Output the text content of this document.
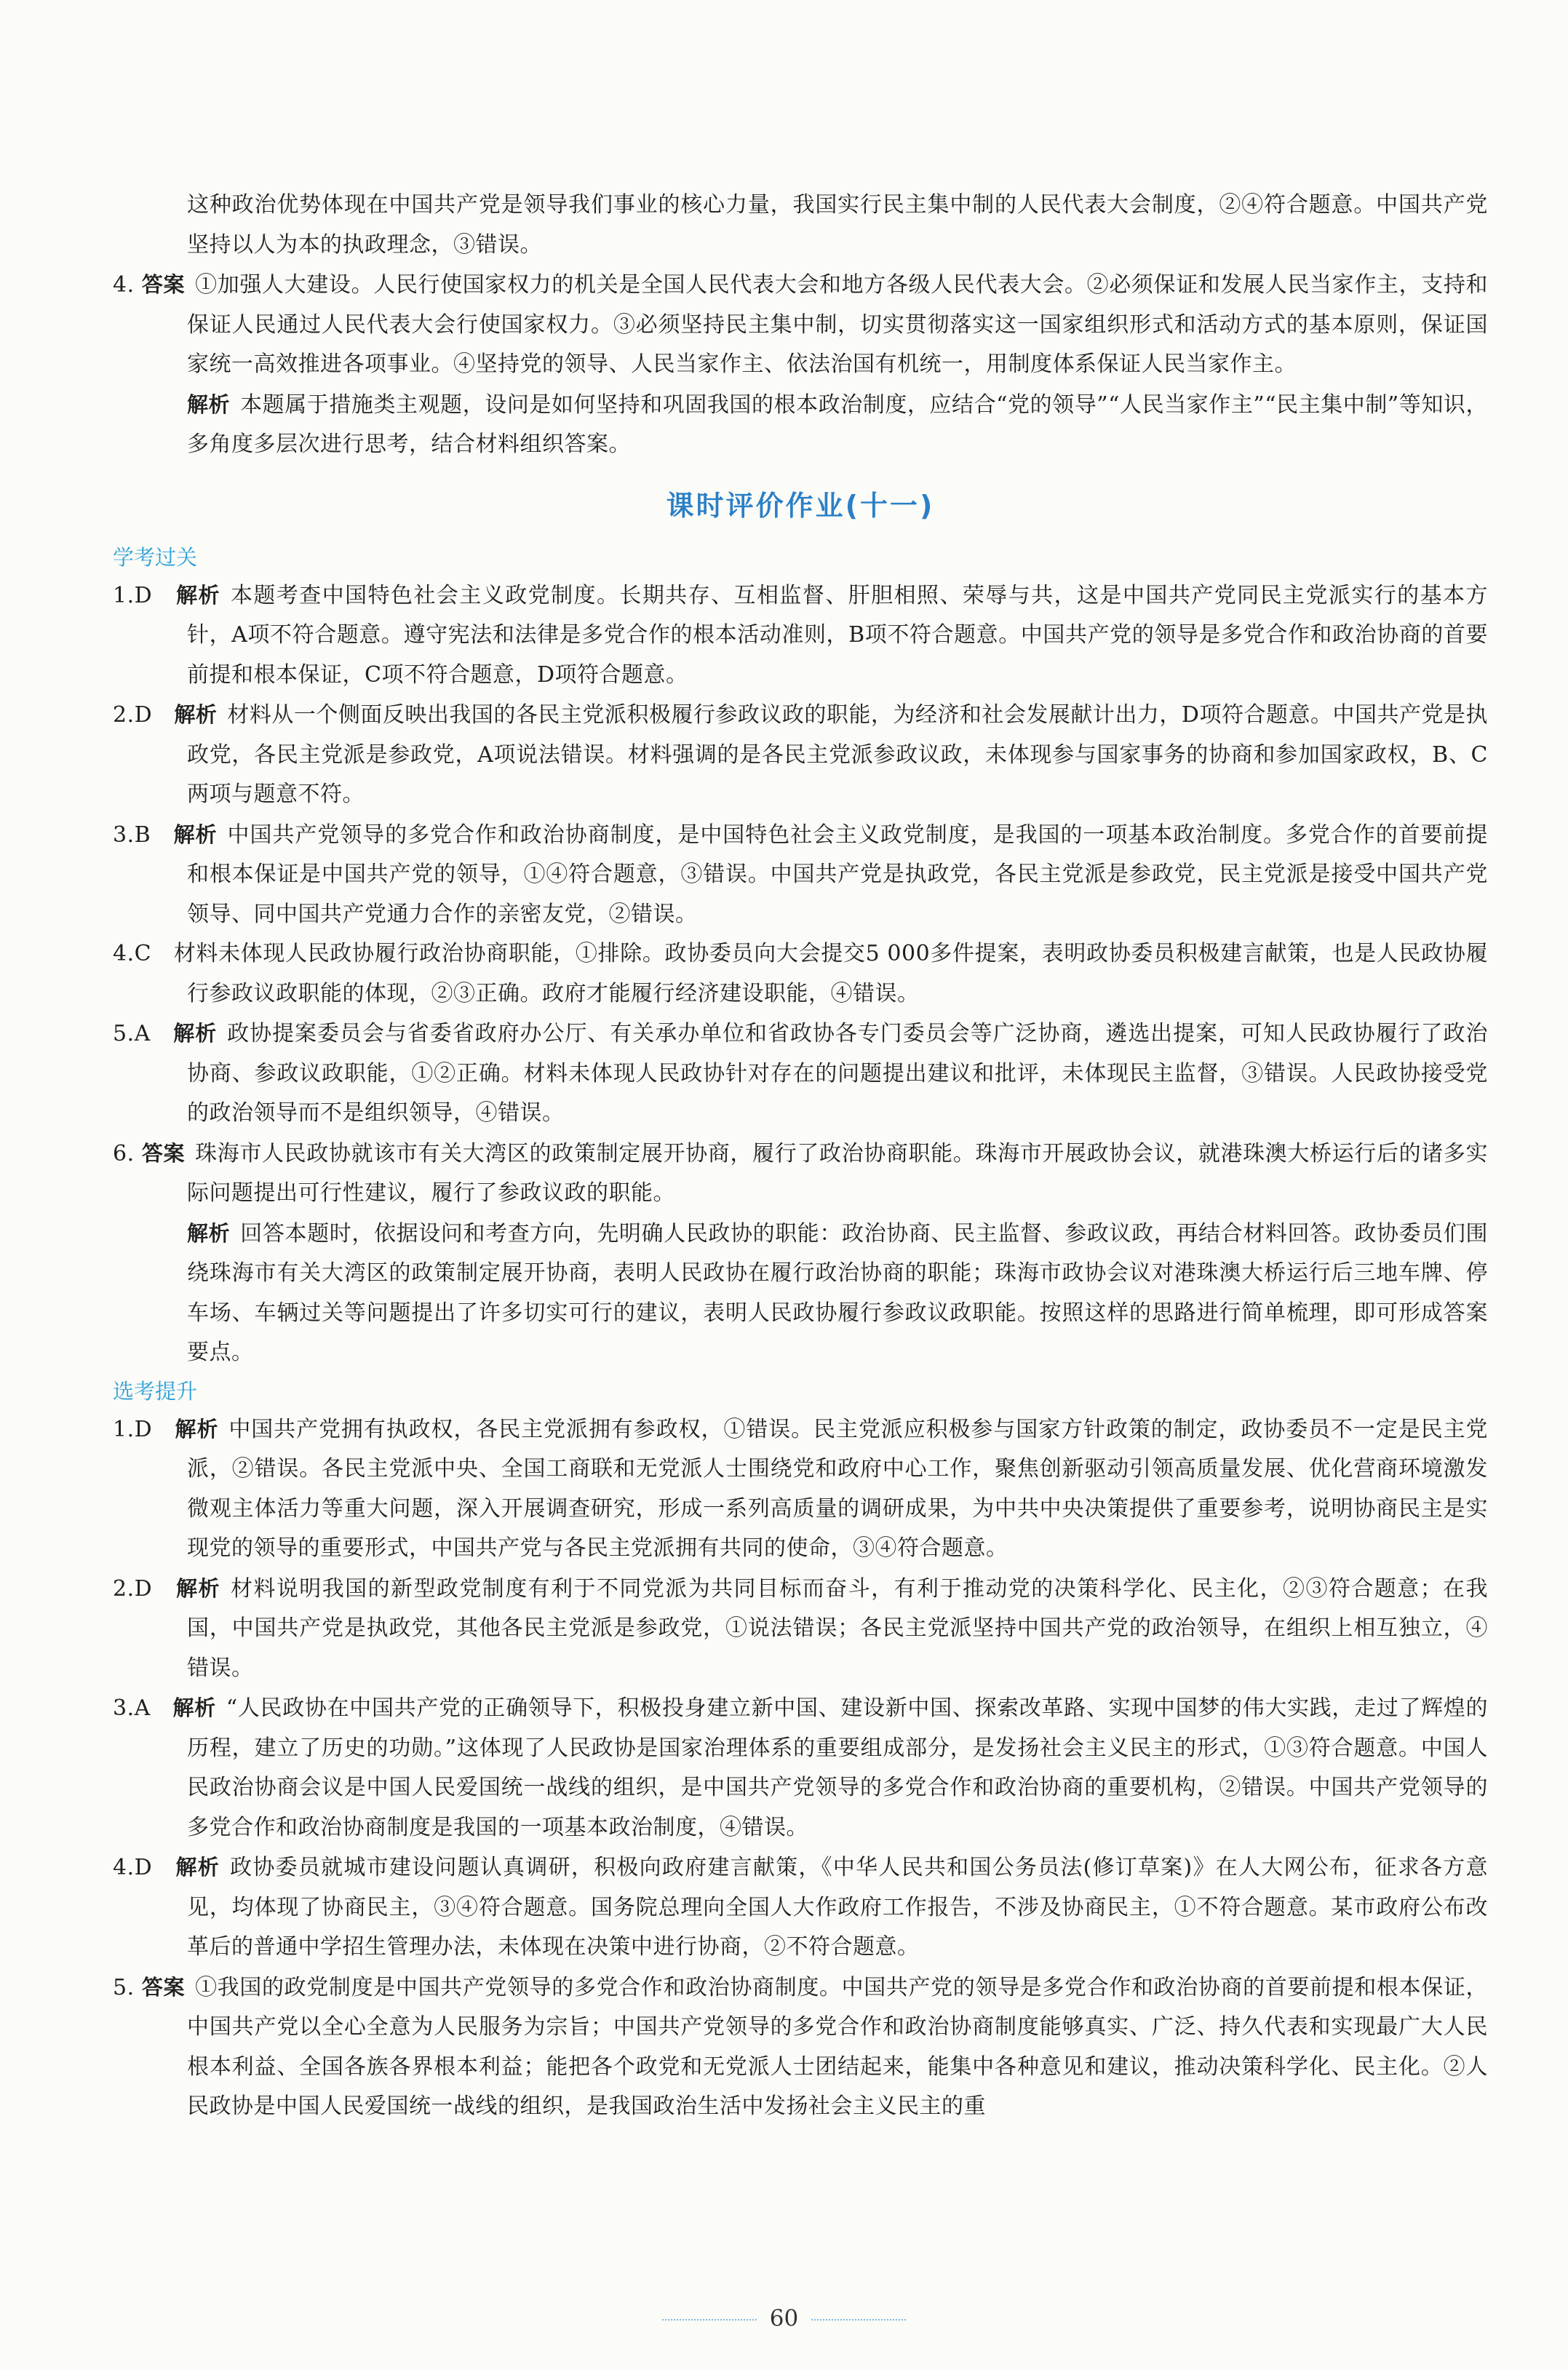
这种政治优势体现在中国共产党是领导我们事业的核心力量，我国实行民主集中制的人民代表大会制度，②④符合题意。中国共产党坚持以人为本的执政理念，③错误。

4. 答案 ①加强人大建设。人民行使国家权力的机关是全国人民代表大会和地方各级人民代表大会。②必须保证和发展人民当家作主，支持和保证人民通过人民代表大会行使国家权力。③必须坚持民主集中制，切实贯彻落实这一国家组织形式和活动方式的基本原则，保证国家统一高效推进各项事业。④坚持党的领导、人民当家作主、依法治国有机统一，用制度体系保证人民当家作主。

解析 本题属于措施类主观题，设问是如何坚持和巩固我国的根本政治制度，应结合“党的领导”“人民当家作主”“民主集中制”等知识，多角度多层次进行思考，结合材料组织答案。

课时评价作业(十一)

学考过关

1.D 解析 本题考查中国特色社会主义政党制度。长期共存、互相监督、肝胆相照、荣辱与共，这是中国共产党同民主党派实行的基本方针，A项不符合题意。遵守宪法和法律是多党合作的根本活动准则，B项不符合题意。中国共产党的领导是多党合作和政治协商的首要前提和根本保证，C项不符合题意，D项符合题意。

2.D 解析 材料从一个侧面反映出我国的各民主党派积极履行参政议政的职能，为经济和社会发展献计出力，D项符合题意。中国共产党是执政党，各民主党派是参政党，A项说法错误。材料强调的是各民主党派参政议政，未体现参与国家事务的协商和参加国家政权，B、C两项与题意不符。

3.B 解析 中国共产党领导的多党合作和政治协商制度，是中国特色社会主义政党制度，是我国的一项基本政治制度。多党合作的首要前提和根本保证是中国共产党的领导，①④符合题意，③错误。中国共产党是执政党，各民主党派是参政党，民主党派是接受中国共产党领导、同中国共产党通力合作的亲密友党，②错误。

4.C 材料未体现人民政协履行政治协商职能，①排除。政协委员向大会提交5 000多件提案，表明政协委员积极建言献策，也是人民政协履行参政议政职能的体现，②③正确。政府才能履行经济建设职能，④错误。

5.A 解析 政协提案委员会与省委省政府办公厅、有关承办单位和省政协各专门委员会等广泛协商，遴选出提案，可知人民政协履行了政治协商、参政议政职能，①②正确。材料未体现人民政协针对存在的问题提出建议和批评，未体现民主监督，③错误。人民政协接受党的政治领导而不是组织领导，④错误。

6. 答案 珠海市人民政协就该市有关大湾区的政策制定展开协商，履行了政治协商职能。珠海市开展政协会议，就港珠澳大桥运行后的诸多实际问题提出可行性建议，履行了参政议政的职能。

解析 回答本题时，依据设问和考查方向，先明确人民政协的职能：政治协商、民主监督、参政议政，再结合材料回答。政协委员们围绕珠海市有关大湾区的政策制定展开协商，表明人民政协在履行政治协商的职能；珠海市政协会议对港珠澳大桥运行后三地车牌、停车场、车辆过关等问题提出了许多切实可行的建议，表明人民政协履行参政议政职能。按照这样的思路进行简单梳理，即可形成答案要点。

选考提升

1.D 解析 中国共产党拥有执政权，各民主党派拥有参政权，①错误。民主党派应积极参与国家方针政策的制定，政协委员不一定是民主党派，②错误。各民主党派中央、全国工商联和无党派人士围绕党和政府中心工作，聚焦创新驱动引领高质量发展、优化营商环境激发微观主体活力等重大问题，深入开展调查研究，形成一系列高质量的调研成果，为中共中央决策提供了重要参考，说明协商民主是实现党的领导的重要形式，中国共产党与各民主党派拥有共同的使命，③④符合题意。

2.D 解析 材料说明我国的新型政党制度有利于不同党派为共同目标而奋斗，有利于推动党的决策科学化、民主化，②③符合题意；在我国，中国共产党是执政党，其他各民主党派是参政党，①说法错误；各民主党派坚持中国共产党的政治领导，在组织上相互独立，④错误。

3.A 解析 “人民政协在中国共产党的正确领导下，积极投身建立新中国、建设新中国、探索改革路、实现中国梦的伟大实践，走过了辉煌的历程，建立了历史的功勋。”这体现了人民政协是国家治理体系的重要组成部分，是发扬社会主义民主的形式，①③符合题意。中国人民政治协商会议是中国人民爱国统一战线的组织，是中国共产党领导的多党合作和政治协商的重要机构，②错误。中国共产党领导的多党合作和政治协商制度是我国的一项基本政治制度，④错误。

4.D 解析 政协委员就城市建设问题认真调研，积极向政府建言献策，《中华人民共和国公务员法(修订草案)》在人大网公布，征求各方意见，均体现了协商民主，③④符合题意。国务院总理向全国人大作政府工作报告，不涉及协商民主，①不符合题意。某市政府公布改革后的普通中学招生管理办法，未体现在决策中进行协商，②不符合题意。

5. 答案 ①我国的政党制度是中国共产党领导的多党合作和政治协商制度。中国共产党的领导是多党合作和政治协商的首要前提和根本保证，中国共产党以全心全意为人民服务为宗旨；中国共产党领导的多党合作和政治协商制度能够真实、广泛、持久代表和实现最广大人民根本利益、全国各族各界根本利益；能把各个政党和无党派人士团结起来，能集中各种意见和建议，推动决策科学化、民主化。②人民政协是中国人民爱国统一战线的组织，是我国政治生活中发扬社会主义民主的重

60
